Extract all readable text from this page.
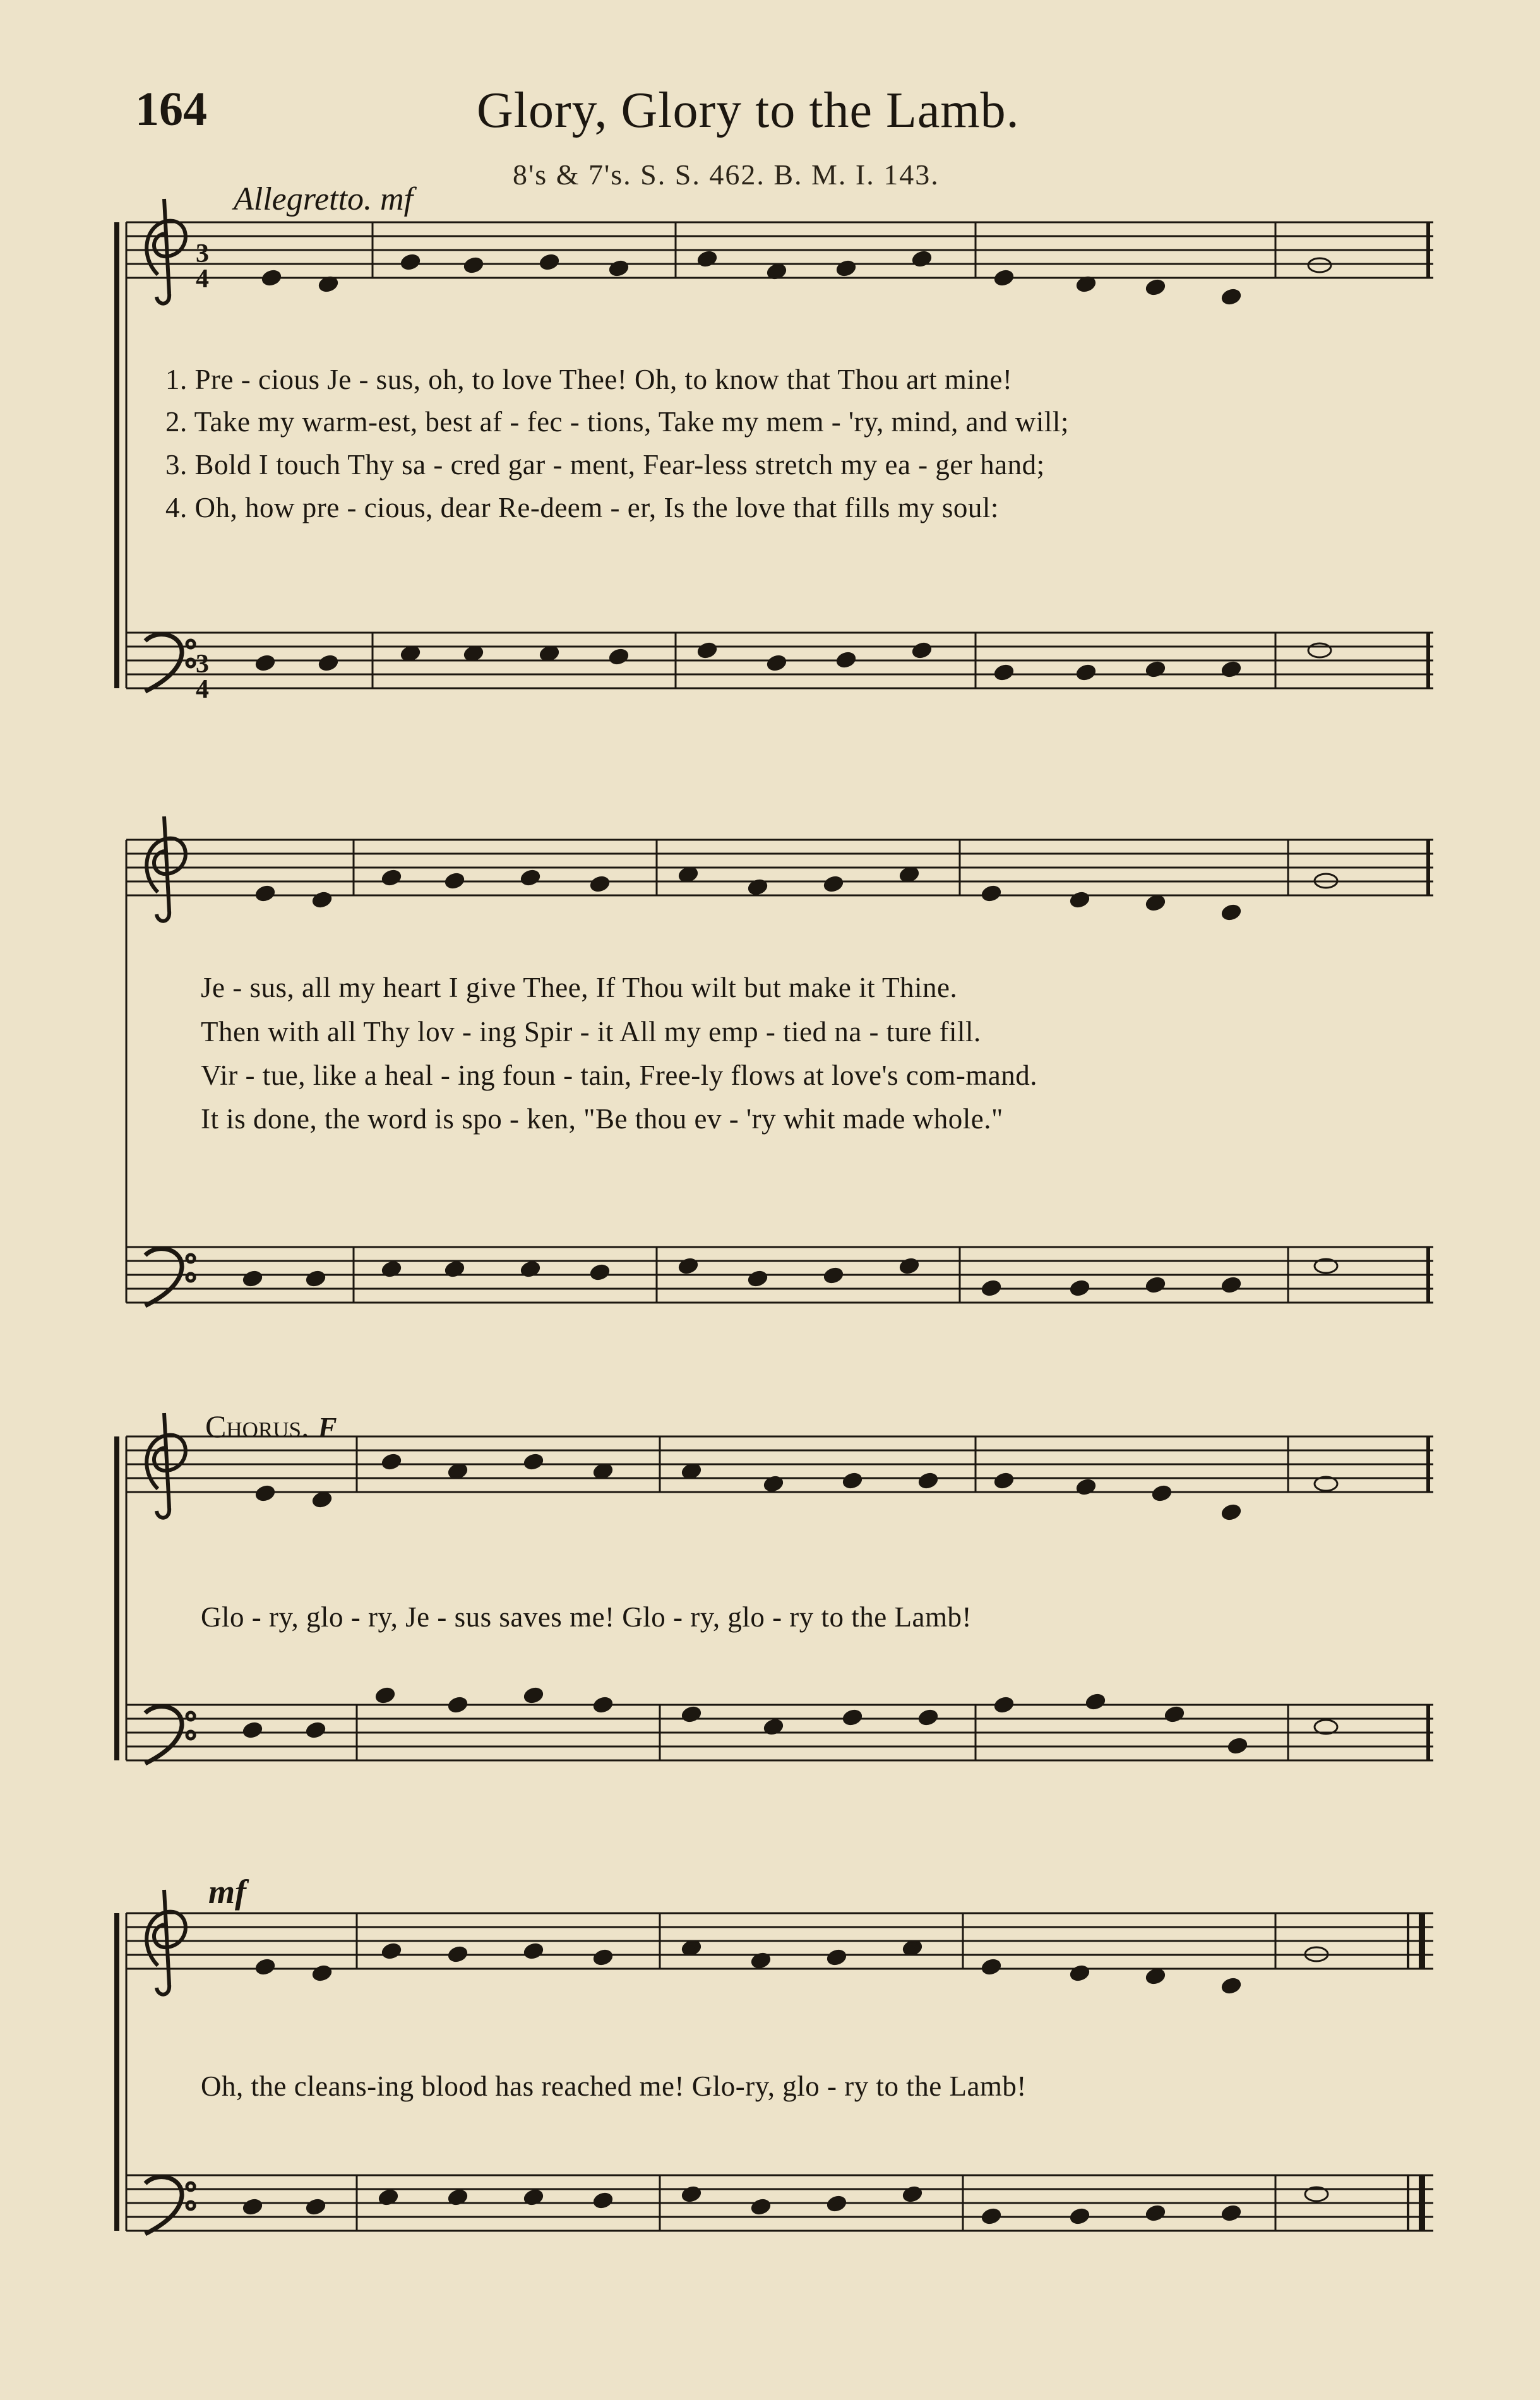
164	Glory, Glory to the Lamb.
8's & 7's. S. S. 462. B. M. I. 143.
Allegretto. mf
3
4
3
4
1. Pre - cious Je - sus, oh, to love Thee! Oh, to know that Thou art mine!
2. Take my warm-est, best af - fec - tions, Take my mem - 'ry, mind, and will;
3. Bold I touch Thy sa - cred gar - ment, Fear-less stretch my ea - ger hand;
4. Oh, how pre - cious, dear Re-deem - er, Is the love that fills my soul:
Je - sus, all my heart I give Thee, If Thou wilt but make it Thine.
Then with all Thy lov - ing Spir - it All my emp - tied na - ture fill.
Vir - tue, like a heal - ing foun - tain, Free-ly flows at love's com-mand.
It is done, the word is spo - ken, "Be thou ev - 'ry whit made whole."
Chorus. f
Glo - ry, glo - ry, Je - sus saves me! Glo - ry, glo - ry to the Lamb!
mf
Oh, the cleans-ing blood has reached me! Glo-ry, glo - ry to the Lamb!
